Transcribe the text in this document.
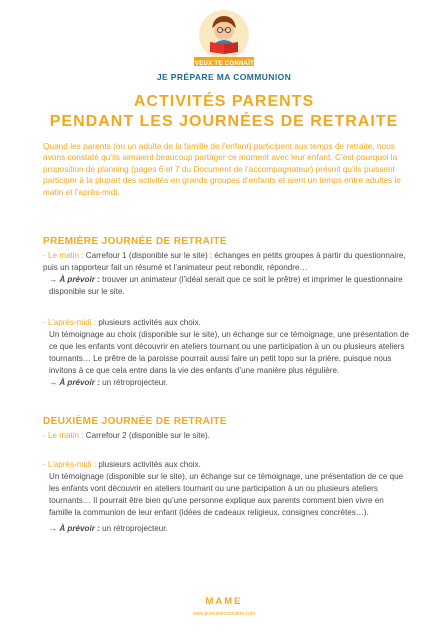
JE VEUX TE CONNAÎTRE
JE PRÉPARE MA COMMUNION
ACTIVITÉS PARENTS
PENDANT LES JOURNÉES DE RETRAITE
Quand les parents (ou un adulte de la famille de l’enfant) participent aux temps de retraite, nous avons constaté qu’ils aimaient beaucoup partager ce moment avec leur enfant. C’est pourquoi la proposition de planning (pages 6 et 7 du Document de l’accompagnateur) prévoit qu’ils puissent participer à la plupart des activités en grands groupes d’enfants et aient un temps entre adultes le matin et l’après-midi.
PREMIÈRE JOURNÉE DE RETRAITE

- Le matin : Carrefour 1 (disponible sur le site) : échanges en petits groupes à partir du questionnaire, puis un rapporteur fait un résumé et l’animateur peut rebondir, répondre…

→ À prévoir : trouver un animateur (l’idéal serait que ce soit le prêtre) et imprimer le questionnaire disponible sur le site.

- L’après-midi : plusieurs activités aux choix.

Un témoignage au choix (disponible sur le site), un échange sur ce témoignage, une présentation de ce que les enfants vont découvrir en ateliers tournant ou une participation à un ou plusieurs ateliers tournants… Le prêtre de la paroisse pourrait aussi faire un petit topo sur la prière, puisque nous invitons à ce que cela entre dans la vie des enfants d’une manière plus régulière.

→ À prévoir : un rétroprojecteur.

DEUXIÈME JOURNÉE DE RETRAITE

- Le matin : Carrefour 2 (disponible sur le site).

- L’après-midi : plusieurs activités aux choix.

Un témoignage (disponible sur le site), un échange sur ce témoignage, une présentation de ce que les enfants vont découvrir en ateliers tournant ou une participation à un ou plusieurs ateliers tournants… Il pourrait être bien qu’une personne explique aux parents comment bien vivre en famille la communion de leur enfant (idées de cadeaux religieux, consignes concrètes…).

→ À prévoir : un rétroprojecteur.

MAME
www.jeveuxteconnaitre.com
